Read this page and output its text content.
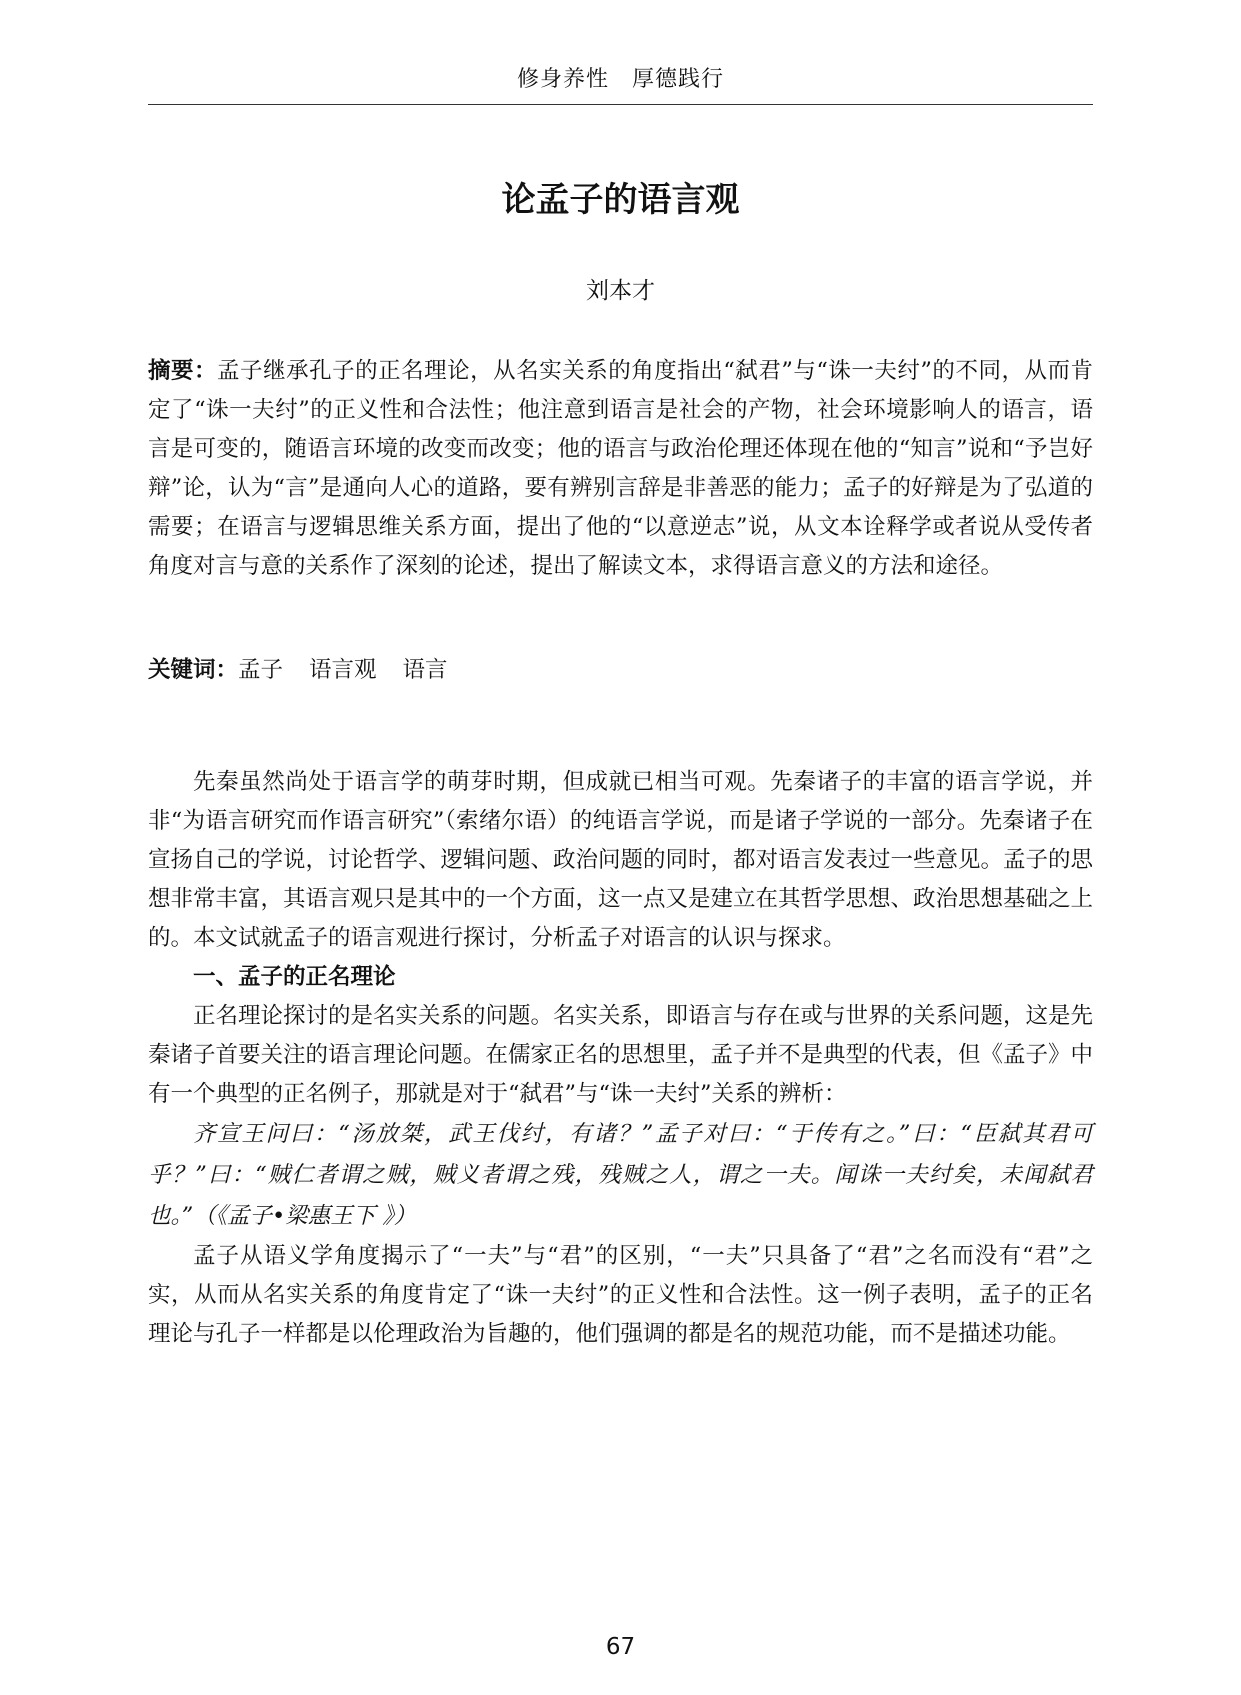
修身养性　厚德践行
论孟子的语言观
刘本才
摘要：孟子继承孔子的正名理论，从名实关系的角度指出“弑君”与“诛一夫纣”的不同，从而肯定了“诛一夫纣”的正义性和合法性；他注意到语言是社会的产物，社会环境影响人的语言，语言是可变的，随语言环境的改变而改变；他的语言与政治伦理还体现在他的“知言”说和“予岂好辩”论，认为“言”是通向人心的道路，要有辨别言辞是非善恶的能力；孟子的好辩是为了弘道的需要；在语言与逻辑思维关系方面，提出了他的“以意逆志”说，从文本诠释学或者说从受传者角度对言与意的关系作了深刻的论述，提出了解读文本，求得语言意义的方法和途径。
关键词：孟子 语言观 语言

先秦虽然尚处于语言学的萌芽时期，但成就已相当可观。先秦诸子的丰富的语言学说，并非“为语言研究而作语言研究”（索绪尔语）的纯语言学说，而是诸子学说的一部分。先秦诸子在宣扬自己的学说，讨论哲学、逻辑问题、政治问题的同时，都对语言发表过一些意见。孟子的思想非常丰富，其语言观只是其中的一个方面，这一点又是建立在其哲学思想、政治思想基础之上的。本文试就孟子的语言观进行探讨，分析孟子对语言的认识与探求。

一、孟子的正名理论

正名理论探讨的是名实关系的问题。名实关系，即语言与存在或与世界的关系问题，这是先秦诸子首要关注的语言理论问题。在儒家正名的思想里，孟子并不是典型的代表，但《孟子》中有一个典型的正名例子，那就是对于“弑君”与“诛一夫纣”关系的辨析：

齐宣王问曰：“汤放桀，武王伐纣，有诸？”孟子对曰：“于传有之。”曰：“臣弑其君可乎？”曰：“贼仁者谓之贼，贼义者谓之残，残贼之人，谓之一夫。闻诛一夫纣矣，未闻弑君也。”（《孟子•梁惠王下 》）

孟子从语义学角度揭示了“一夫”与“君”的区别，“一夫”只具备了“君”之名而没有“君”之实，从而从名实关系的角度肯定了“诛一夫纣”的正义性和合法性。这一例子表明，孟子的正名理论与孔子一样都是以伦理政治为旨趣的，他们强调的都是名的规范功能，而不是描述功能。

67
